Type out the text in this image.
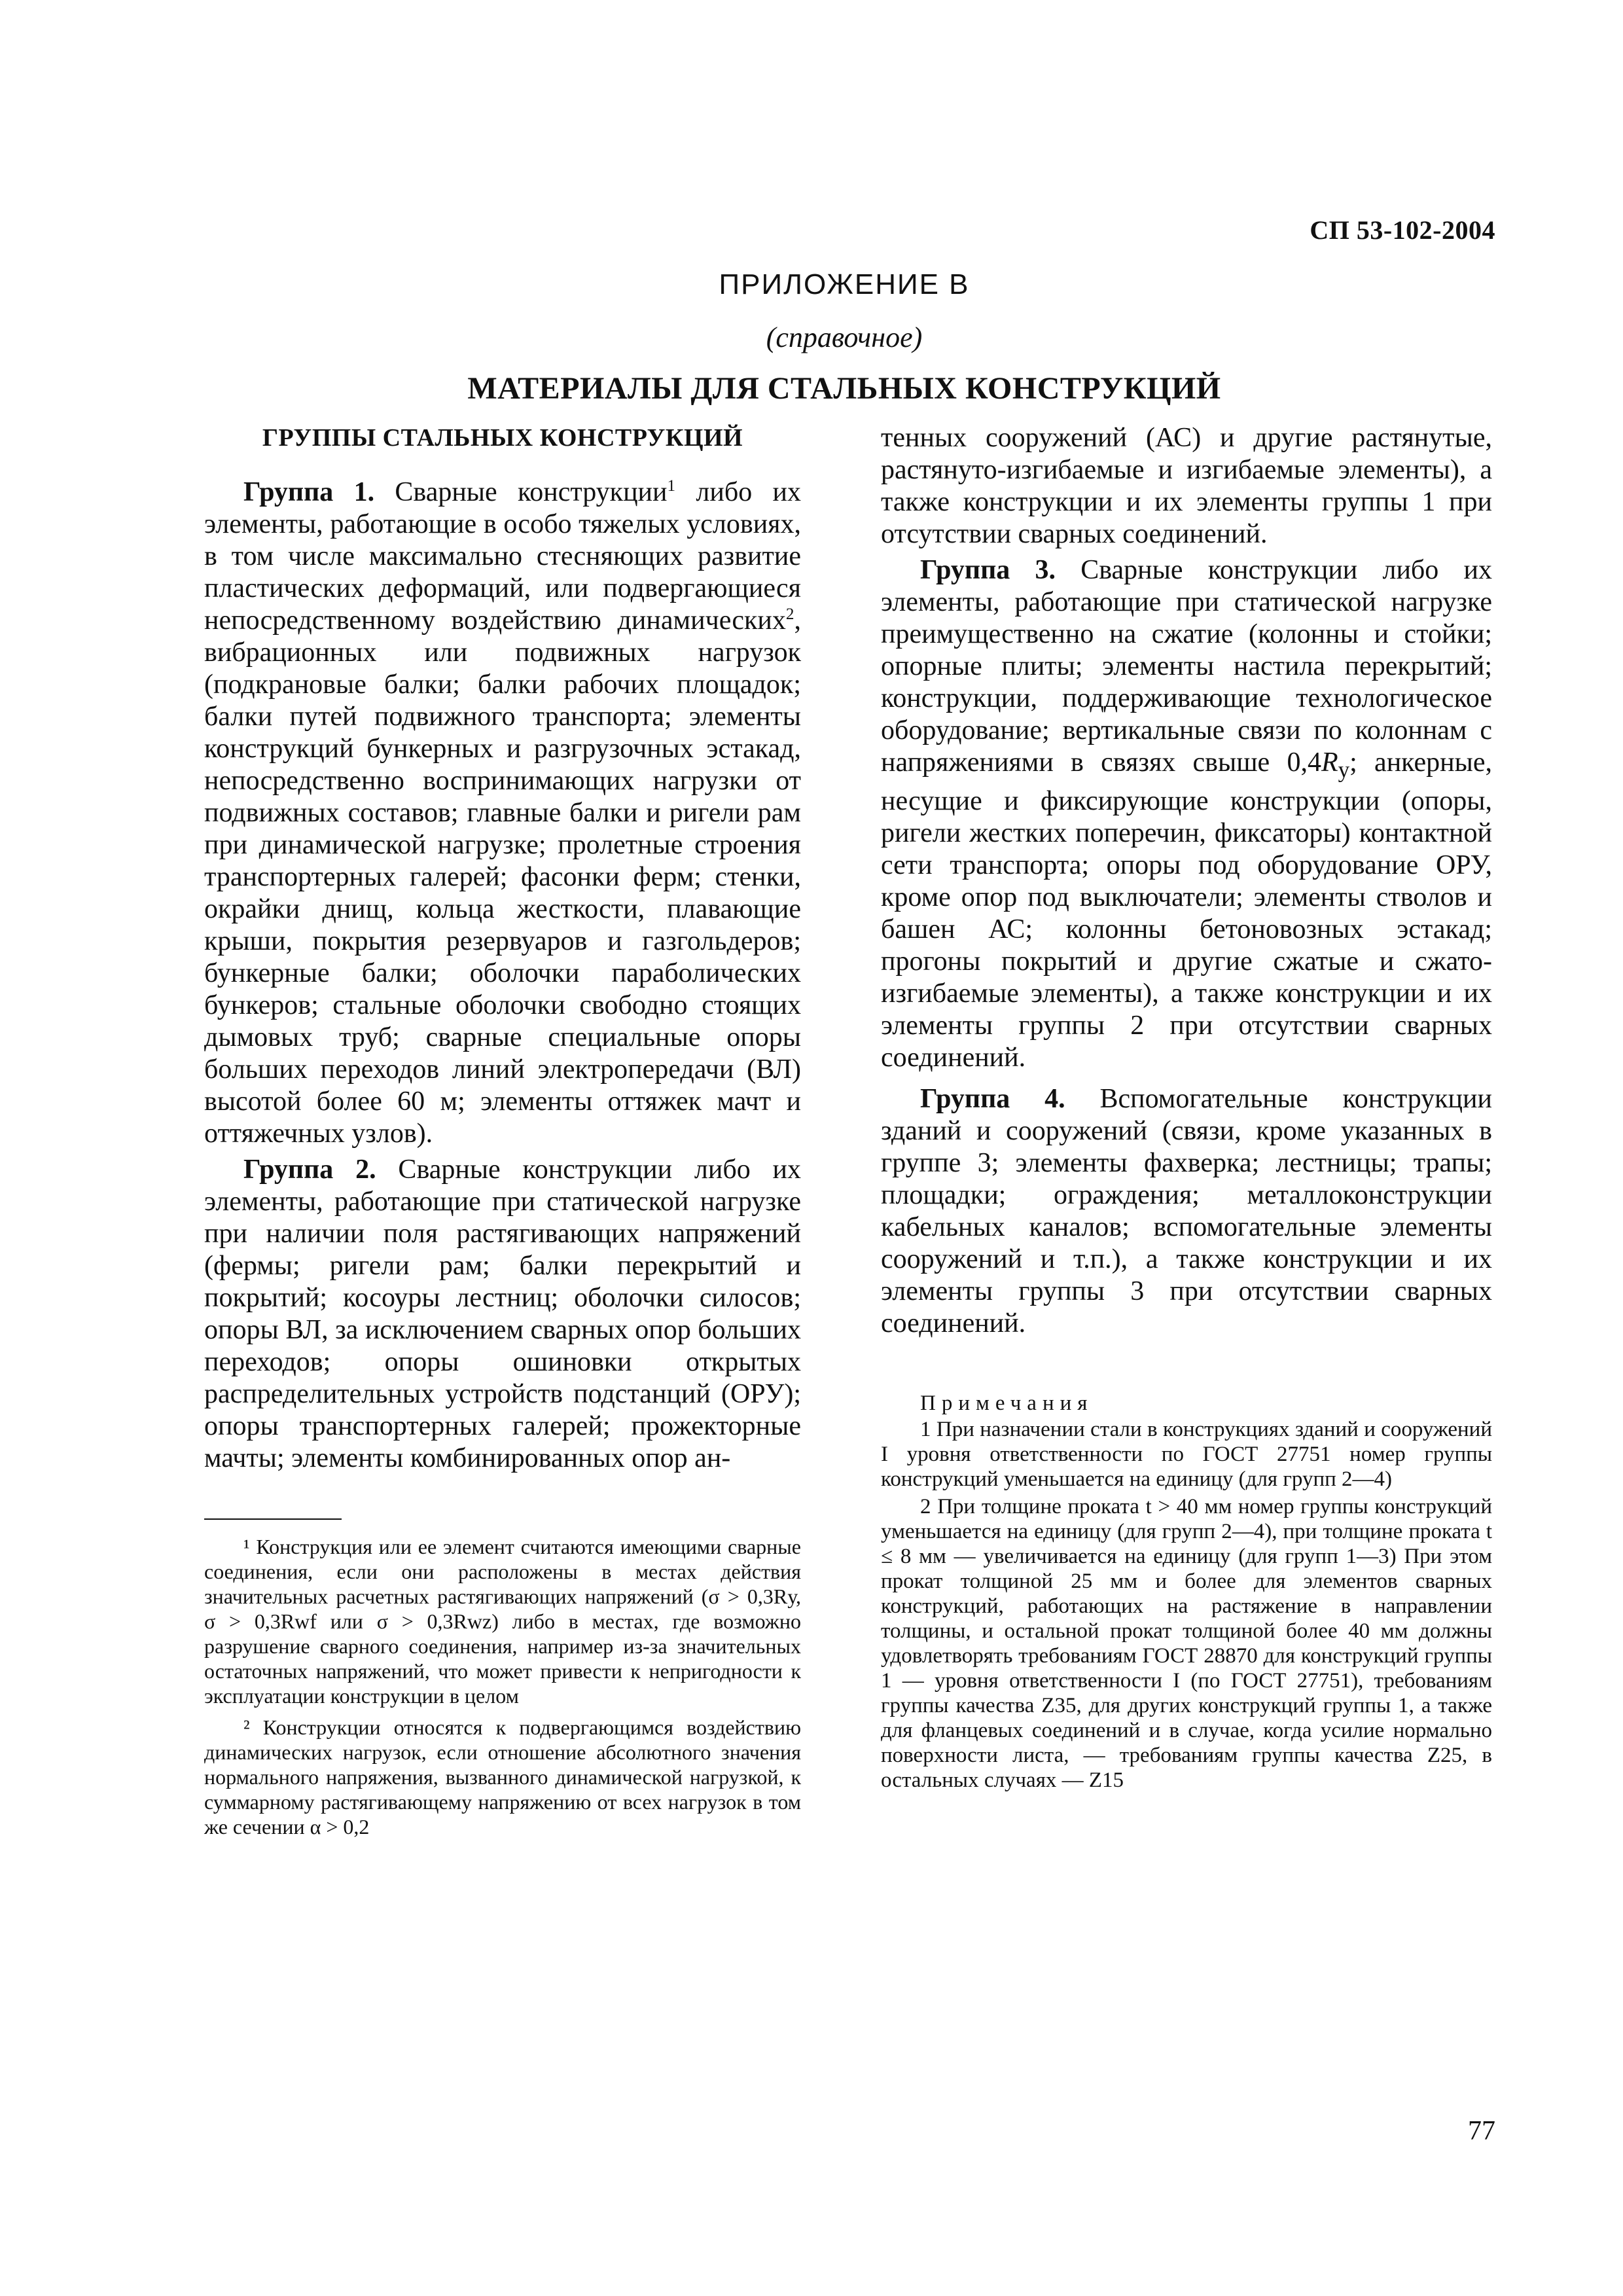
СП 53-102-2004
ПРИЛОЖЕНИЕ В
(справочное)
МАТЕРИАЛЫ ДЛЯ СТАЛЬНЫХ КОНСТРУКЦИЙ
ГРУППЫ СТАЛЬНЫХ КОНСТРУКЦИЙ

Группа 1. Сварные конструкции$^1$ либо их элементы, работающие в особо тяжелых условиях, в том числе максимально стесняющих развитие пластических деформаций, или подвергающиеся непосредственному воздействию динамических$^2$, вибрационных или подвижных нагрузок (подкрановые балки; балки рабочих площадок; балки путей подвижного транспорта; элементы конструкций бункерных и разгрузочных эстакад, непосредственно воспринимающих нагрузки от подвижных составов; главные балки и ригели рам при динамической нагрузке; пролетные строения транспортерных галерей; фасонки ферм; стенки, окрайки днищ, кольца жесткости, плавающие крыши, покрытия резервуаров и газгольдеров; бункерные балки; оболочки параболических бункеров; стальные оболочки свободно стоящих дымовых труб; сварные специальные опоры больших переходов линий электропередачи (ВЛ) высотой более 60 м; элементы оттяжек мачт и оттяжечных узлов).

Группа 2. Сварные конструкции либо их элементы, работающие при статической нагрузке при наличии поля растягивающих напряжений (фермы; ригели рам; балки перекрытий и покрытий; косоуры лестниц; оболочки силосов; опоры ВЛ, за исключением сварных опор больших переходов; опоры ошиновки открытых распределительных устройств подстанций (ОРУ); опоры транспортерных галерей; прожекторные мачты; элементы комбинированных опор ан-

тенных сооружений (АС) и другие растянутые, растянуто-изгибаемые и изгибаемые элементы), а также конструкции и их элементы группы 1 при отсутствии сварных соединений.

Группа 3. Сварные конструкции либо их элементы, работающие при статической нагрузке преимущественно на сжатие (колонны и стойки; опорные плиты; элементы настила перекрытий; конструкции, поддерживающие технологическое оборудование; вертикальные связи по колоннам с напряжениями в связях свыше $0,4R_y$; анкерные, несущие и фиксирующие конструкции (опоры, ригели жестких поперечин, фиксаторы) контактной сети транспорта; опоры под оборудование ОРУ, кроме опор под выключатели; элементы стволов и башен АС; колонны бетоновозных эстакад; прогоны покрытий и другие сжатые и сжато-изгибаемые элементы), а также конструкции и их элементы группы 2 при отсутствии сварных соединений.

Группа 4. Вспомогательные конструкции зданий и сооружений (связи, кроме указанных в группе 3; элементы фахверка; лестницы; трапы; площадки; ограждения; металлоконструкции кабельных каналов; вспомогательные элементы сооружений и т.п.), а также конструкции и их элементы группы 3 при отсутствии сварных соединений.

Примечания

1 При назначении стали в конструкциях зданий и сооружений I уровня ответственности по ГОСТ 27751 номер группы конструкций уменьшается на единицу (для групп 2—4)

2 При толщине проката t > 40 мм номер группы конструкций уменьшается на единицу (для групп 2—4), при толщине проката t ≤ 8 мм — увеличивается на единицу (для групп 1—3) При этом прокат толщиной 25 мм и более для элементов сварных конструкций, работающих на растяжение в направлении толщины, и остальной прокат толщиной более 40 мм должны удовлетворять требованиям ГОСТ 28870 для конструкций группы 1 — уровня ответственности I (по ГОСТ 27751), требованиям группы качества Z35, для других конструкций группы 1, а также для фланцевых соединений и в случае, когда усилие нормально поверхности листа, — требованиям группы качества Z25, в остальных случаях — Z15

¹ Конструкция или ее элемент считаются имеющими сварные соединения, если они расположены в местах действия значительных расчетных растягивающих напряжений (σ > 0,3Rу, σ > 0,3Rwf или σ > 0,3Rwz) либо в местах, где возможно разрушение сварного соединения, например из-за значительных остаточных напряжений, что может привести к непригодности к эксплуатации конструкции в целом

² Конструкции относятся к подвергающимся воздействию динамических нагрузок, если отношение абсолютного значения нормального напряжения, вызванного динамической нагрузкой, к суммарному растягивающему напряжению от всех нагрузок в том же сечении α > 0,2

77
